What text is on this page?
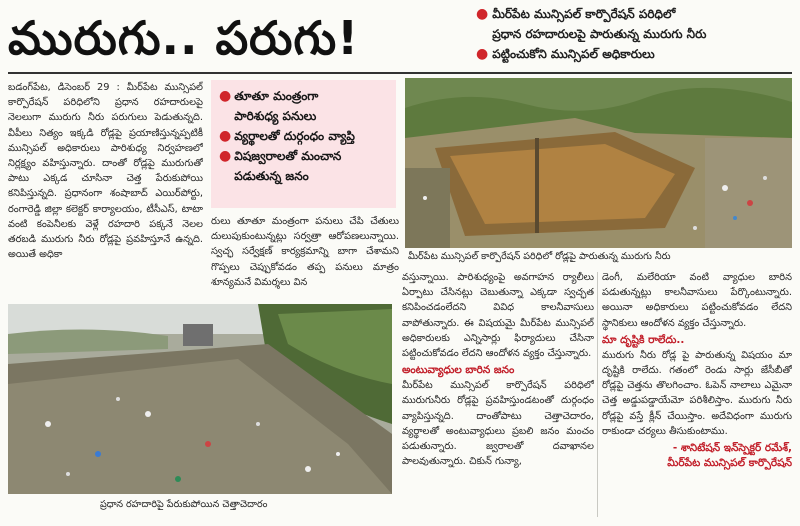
మురుగు.. పరుగు!	● మీర్‌పేట మున్సిపల్ కార్పొరేషన్ పరిధిలో
ప్రధాన రహదారులపై పారుతున్న మురుగు నీరు
● పట్టించుకోని మున్సిపల్ అధికారులు
బడంగ్‌పేట, డిసెంబర్ 29 : మీర్‌పేట మున్సిపల్ కార్పొరేషన్ పరిధిలోని ప్రధాన రహదారులపై నెలలుగా మురుగు నీరు పరుగులు పెడుతున్నది. వీపీలు నిత్యం ఇక్కడి రోడ్లపై ప్రయాణిస్తున్నప్పటికీ మున్సిపల్ అధికారులు పారిశుధ్య నిర్వహణలో నిర్లక్ష్యం వహిస్తున్నారు. దాంతో రోడ్లపై మురుగుతో పాటు ఎక్కడ చూసినా చెత్త పేరుకుపోయి కనిపిస్తున్నది. ప్రధానంగా శంషాబాద్ ఎయిర్‌పోర్టు, రంగారెడ్డి జిల్లా కలెక్టర్ కార్యాలయం, టీసీఎస్, టాటా వంటి కంపెనీలకు వెళ్లే రహదారి పక్కనే నెలల తరబడి మురుగు నీరు రోడ్లపై ప్రవహిస్తూనే ఉన్నది. అయితే అధికా
● తూతూ మంత్రంగా
పారిశుధ్య పనులు
● వ్యర్థాలతో దుర్గంధం వ్యాప్తి
● విషజ్వరాలతో మంచాన
పడుతున్న జనం
రులు తూతూ మంత్రంగా పనులు చేపి చేతులు దులుపుకుంటున్నట్లు సర్వత్రా ఆరోపణలున్నాయి. స్వచ్ఛ సర్వేక్షణ్ కార్యక్రమాన్ని బాగా చేశామని గొప్పలు చెప్పుకోవడం తప్ప పనులు మాత్రం శూన్యమనే విమర్శలు విన
మీర్‌పేట మున్సిపల్ కార్పొరేషన్ పరిధిలో రోడ్లపై పారుతున్న మురుగు నీరు
ప్రధాన రహదారిపై పేరుకుపోయిన చెత్తాచెదారం
వస్తున్నాయి. పారిశుధ్యంపై అవగాహన ర్యాలీలు ఏర్పాటు చేసినట్లు చెబుతున్నా ఎక్కడా స్వచ్ఛత కనిపించడంలేదని వివిధ కాలనీవాసులు వాపోతున్నారు. ఈ విషయమై మీర్‌పేట మున్సిపల్ అధికారులకు ఎన్నిసార్లు ఫిర్యాదులు చేసినా పట్టించుకోవడం లేదని ఆందోళన వ్యక్తం చేస్తున్నారు.
అంటువ్యాధుల బారిన జనం
మీర్‌పేట మున్సిపల్ కార్పొరేషన్ పరిధిలో మురుగునీరు రోడ్లపై ప్రవహిస్తుండటంతో దుర్గంధం వ్యాపిస్తున్నది. దాంతోపాటు చెత్తాచెదారం, వ్యర్థాలతో అంటువ్యాధులు ప్రబలి జనం మంచం పడుతున్నారు. జ్వరాలతో దవాఖానల పాలవుతున్నారు. చికున్ గున్యా,
డెంగీ, మలేరియా వంటి వ్యాధుల బారిన పడుతున్నట్లు కాలనీవాసులు పేర్కొంటున్నారు. అయినా అధికారులు పట్టించుకోవడం లేదని స్థానికులు ఆందోళన వ్యక్తం చేస్తున్నారు.
మా దృష్టికి రాలేదు..
మురుగు నీరు రోడ్ల పై పారుతున్న విషయం మా దృష్టికి రాలేదు. గతంలో రెండు సార్లు జేసీబీతో రోడ్లపై చెత్తను తొలగించాం. ఓపెన్ నాలాలు ఎమైనా చెత్త అడ్డుపడ్డాయేమో పరిశీలిస్తాం. మురుగు నీరు రోడ్లపై వస్తే క్లీన్ చేయిస్తాం. అదేవిధంగా మురుగు రాకుండా చర్యలు తీసుకుంటాము.
- శానిటేషన్ ఇన్‌స్పెక్టర్ రమేశ్,
మీర్‌పేట మున్సిపల్ కార్పొరేషన్
